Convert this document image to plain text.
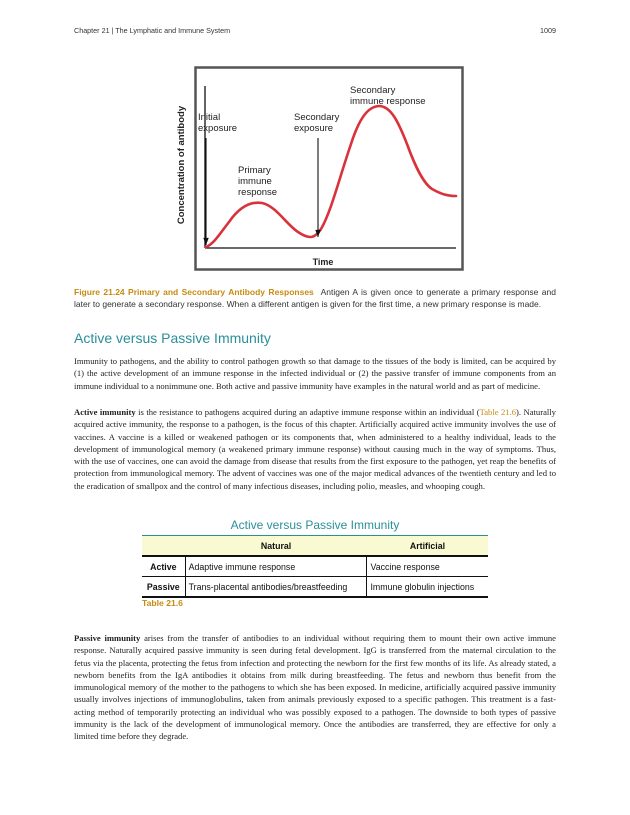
Chapter 21 | The Lymphatic and Immune System	1009
Concentration of antibody
Time
Initial
exposure
Secondary
exposure
Secondary
immune response
Primary
immune
response
Figure 21.24 Primary and Secondary Antibody Responses Antigen A is given once to generate a primary response and later to generate a secondary response. When a different antigen is given for the first time, a new primary response is made.
Active versus Passive Immunity

Immunity to pathogens, and the ability to control pathogen growth so that damage to the tissues of the body is limited, can be acquired by (1) the active development of an immune response in the infected individual or (2) the passive transfer of immune components from an immune individual to a nonimmune one. Both active and passive immunity have examples in the natural world and as part of medicine.

Active immunity is the resistance to pathogens acquired during an adaptive immune response within an individual (Table 21.6). Naturally acquired active immunity, the response to a pathogen, is the focus of this chapter. Artificially acquired active immunity involves the use of vaccines. A vaccine is a killed or weakened pathogen or its components that, when administered to a healthy individual, leads to the development of immunological memory (a weakened primary immune response) without causing much in the way of symptoms. Thus, with the use of vaccines, one can avoid the damage from disease that results from the first exposure to the pathogen, yet reap the benefits of protection from immunological memory. The advent of vaccines was one of the major medical advances of the twentieth century and led to the eradication of smallpox and the control of many infectious diseases, including polio, measles, and whooping cough.

Active versus Passive Immunity
	Natural	Artificial
Active	Adaptive immune response	Vaccine response
Passive	Trans-placental antibodies/breastfeeding	Immune globulin injections
Table 21.6

Passive immunity arises from the transfer of antibodies to an individual without requiring them to mount their own active immune response. Naturally acquired passive immunity is seen during fetal development. IgG is transferred from the maternal circulation to the fetus via the placenta, protecting the fetus from infection and protecting the newborn for the first few months of its life. As already stated, a newborn benefits from the IgA antibodies it obtains from milk during breastfeeding. The fetus and newborn thus benefit from the immunological memory of the mother to the pathogens to which she has been exposed. In medicine, artificially acquired passive immunity usually involves injections of immunoglobulins, taken from animals previously exposed to a specific pathogen. This treatment is a fast-acting method of temporarily protecting an individual who was possibly exposed to a pathogen. The downside to both types of passive immunity is the lack of the development of immunological memory. Once the antibodies are transferred, they are effective for only a limited time before they degrade.
